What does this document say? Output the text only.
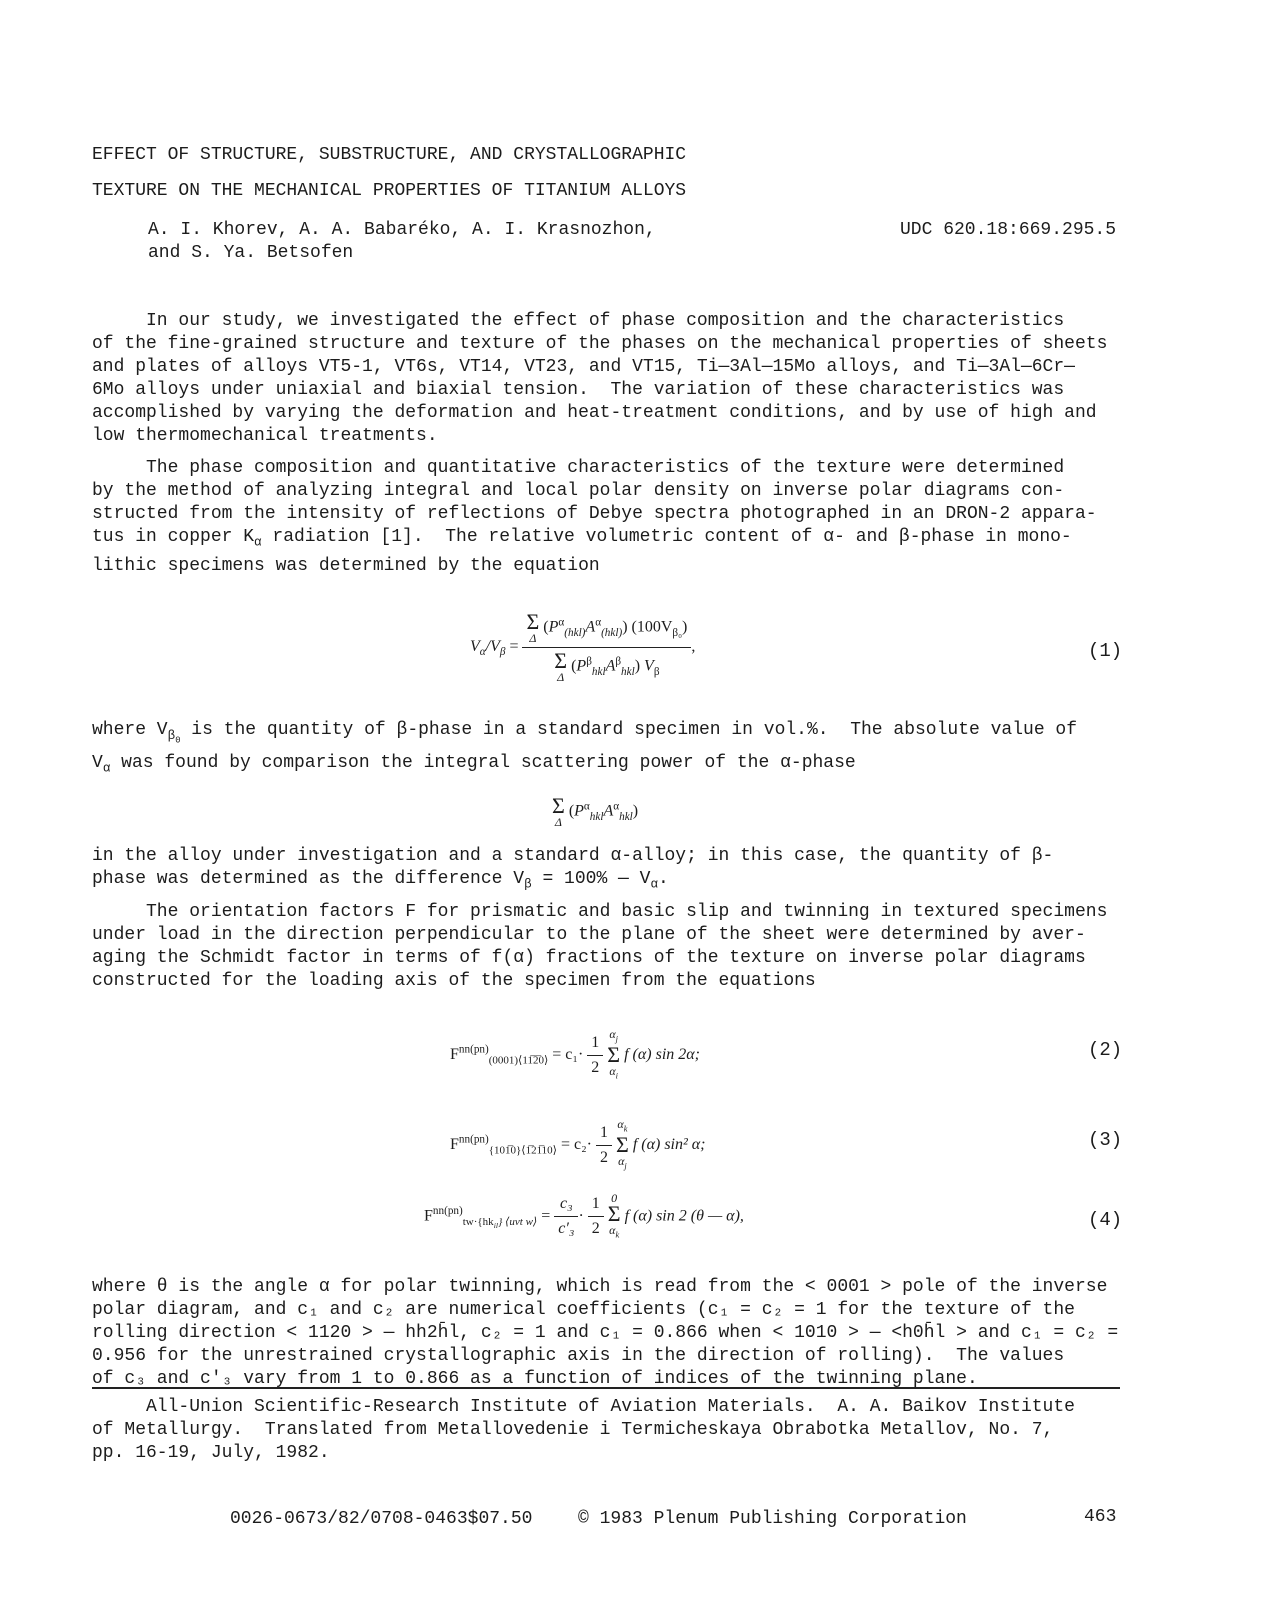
EFFECT OF STRUCTURE, SUBSTRUCTURE, AND CRYSTALLOGRAPHIC
TEXTURE ON THE MECHANICAL PROPERTIES OF TITANIUM ALLOYS
A. I. Khorev, A. A. Babaréko, A. I. Krasnozhon,
and S. Ya. Betsofen
UDC 620.18:669.295.5
In our study, we investigated the effect of phase composition and the characteristics
of the fine-grained structure and texture of the phases on the mechanical properties of sheets
and plates of alloys VT5-1, VT6s, VT14, VT23, and VT15, Ti—3Al—15Mo alloys, and Ti—3Al—6Cr—
6Mo alloys under uniaxial and biaxial tension.  The variation of these characteristics was
accomplished by varying the deformation and heat-treatment conditions, and by use of high and
low thermomechanical treatments.
The phase composition and quantitative characteristics of the texture were determined
by the method of analyzing integral and local polar density on inverse polar diagrams con-
structed from the intensity of reflections of Debye spectra photographed in an DRON-2 appara-
tus in copper $K_\alpha$ radiation [1].  The relative volumetric content of α- and β-phase in mono-
lithic specimens was determined by the equation
$V_\alpha/V_\beta = \Sigma$
Δ
$(P^\alpha_{(hkl)}A^\alpha_{(hkl)})$ $(100V_{\beta_0})$
Σ
Δ
$(P^\beta_{hkl}A^\beta_{hkl})$ $V_\beta$ ,	(1)
where $V_{\beta_0}$ is the quantity of β-phase in a standard specimen in vol.%.  The absolute value of
$V_\alpha$ was found by comparison the integral scattering power of the α-phase
Σ
Δ
$(P^\alpha_{hkl}A^\alpha_{hkl})$
in the alloy under investigation and a standard α-alloy; in this case, the quantity of β-
phase was determined as the difference $V_\beta = 100\%$ — $V_\alpha$.
The orientation factors F for prismatic and basic slip and twinning in textured specimens
under load in the direction perpendicular to the plane of the sheet were determined by aver-
aging the Schmidt factor in terms of f(α) fractions of the texture on inverse polar diagrams
constructed for the loading axis of the specimen from the equations
$F^{nn(pn)}_{(0001)⟨11̅2̅0⟩} = c_1\cdot \frac{1}{2}$
$\alpha_j$
Σ
$\alpha_i$
f (α) sin 2α;	(2)
$F^{nn(pn)}_{\{101̅0\}⟨1̅21̅10⟩} = c_2\cdot \frac{1}{2}$
$\alpha_k$
Σ
$\alpha_j$
f (α) sin² α;	(3)
$F^{nn(pn)}_{tw\cdot\{hk_{il}\} ⟨uvt w⟩} = \frac{\text{c₃}}{\text{c′₃}} \cdot \frac{1}{2}$
0
Σ
$\alpha_k$
f (α) sin 2 (θ — α),	(4)
where θ is the angle α for polar twinning, which is read from the < 0001 > pole of the inverse
polar diagram, and c₁ and c₂ are numerical coefficients (c₁ = c₂ = 1 for the texture of the
rolling direction < 1120 > — hh2h̄l, c₂ = 1 and c₁ = 0.866 when < 1010 > — <h0h̄l > and c₁ = c₂ =
0.956 for the unrestrained crystallographic axis in the direction of rolling).  The values
of c₃ and c′₃ vary from 1 to 0.866 as a function of indices of the twinning plane.
All-Union Scientific-Research Institute of Aviation Materials.  A. A. Baikov Institute
of Metallurgy.  Translated from Metallovedenie i Termicheskaya Obrabotka Metallov, No. 7,
pp. 16-19, July, 1982.
0026-0673/82/0708-0463$07.50	© 1983 Plenum Publishing Corporation	463
